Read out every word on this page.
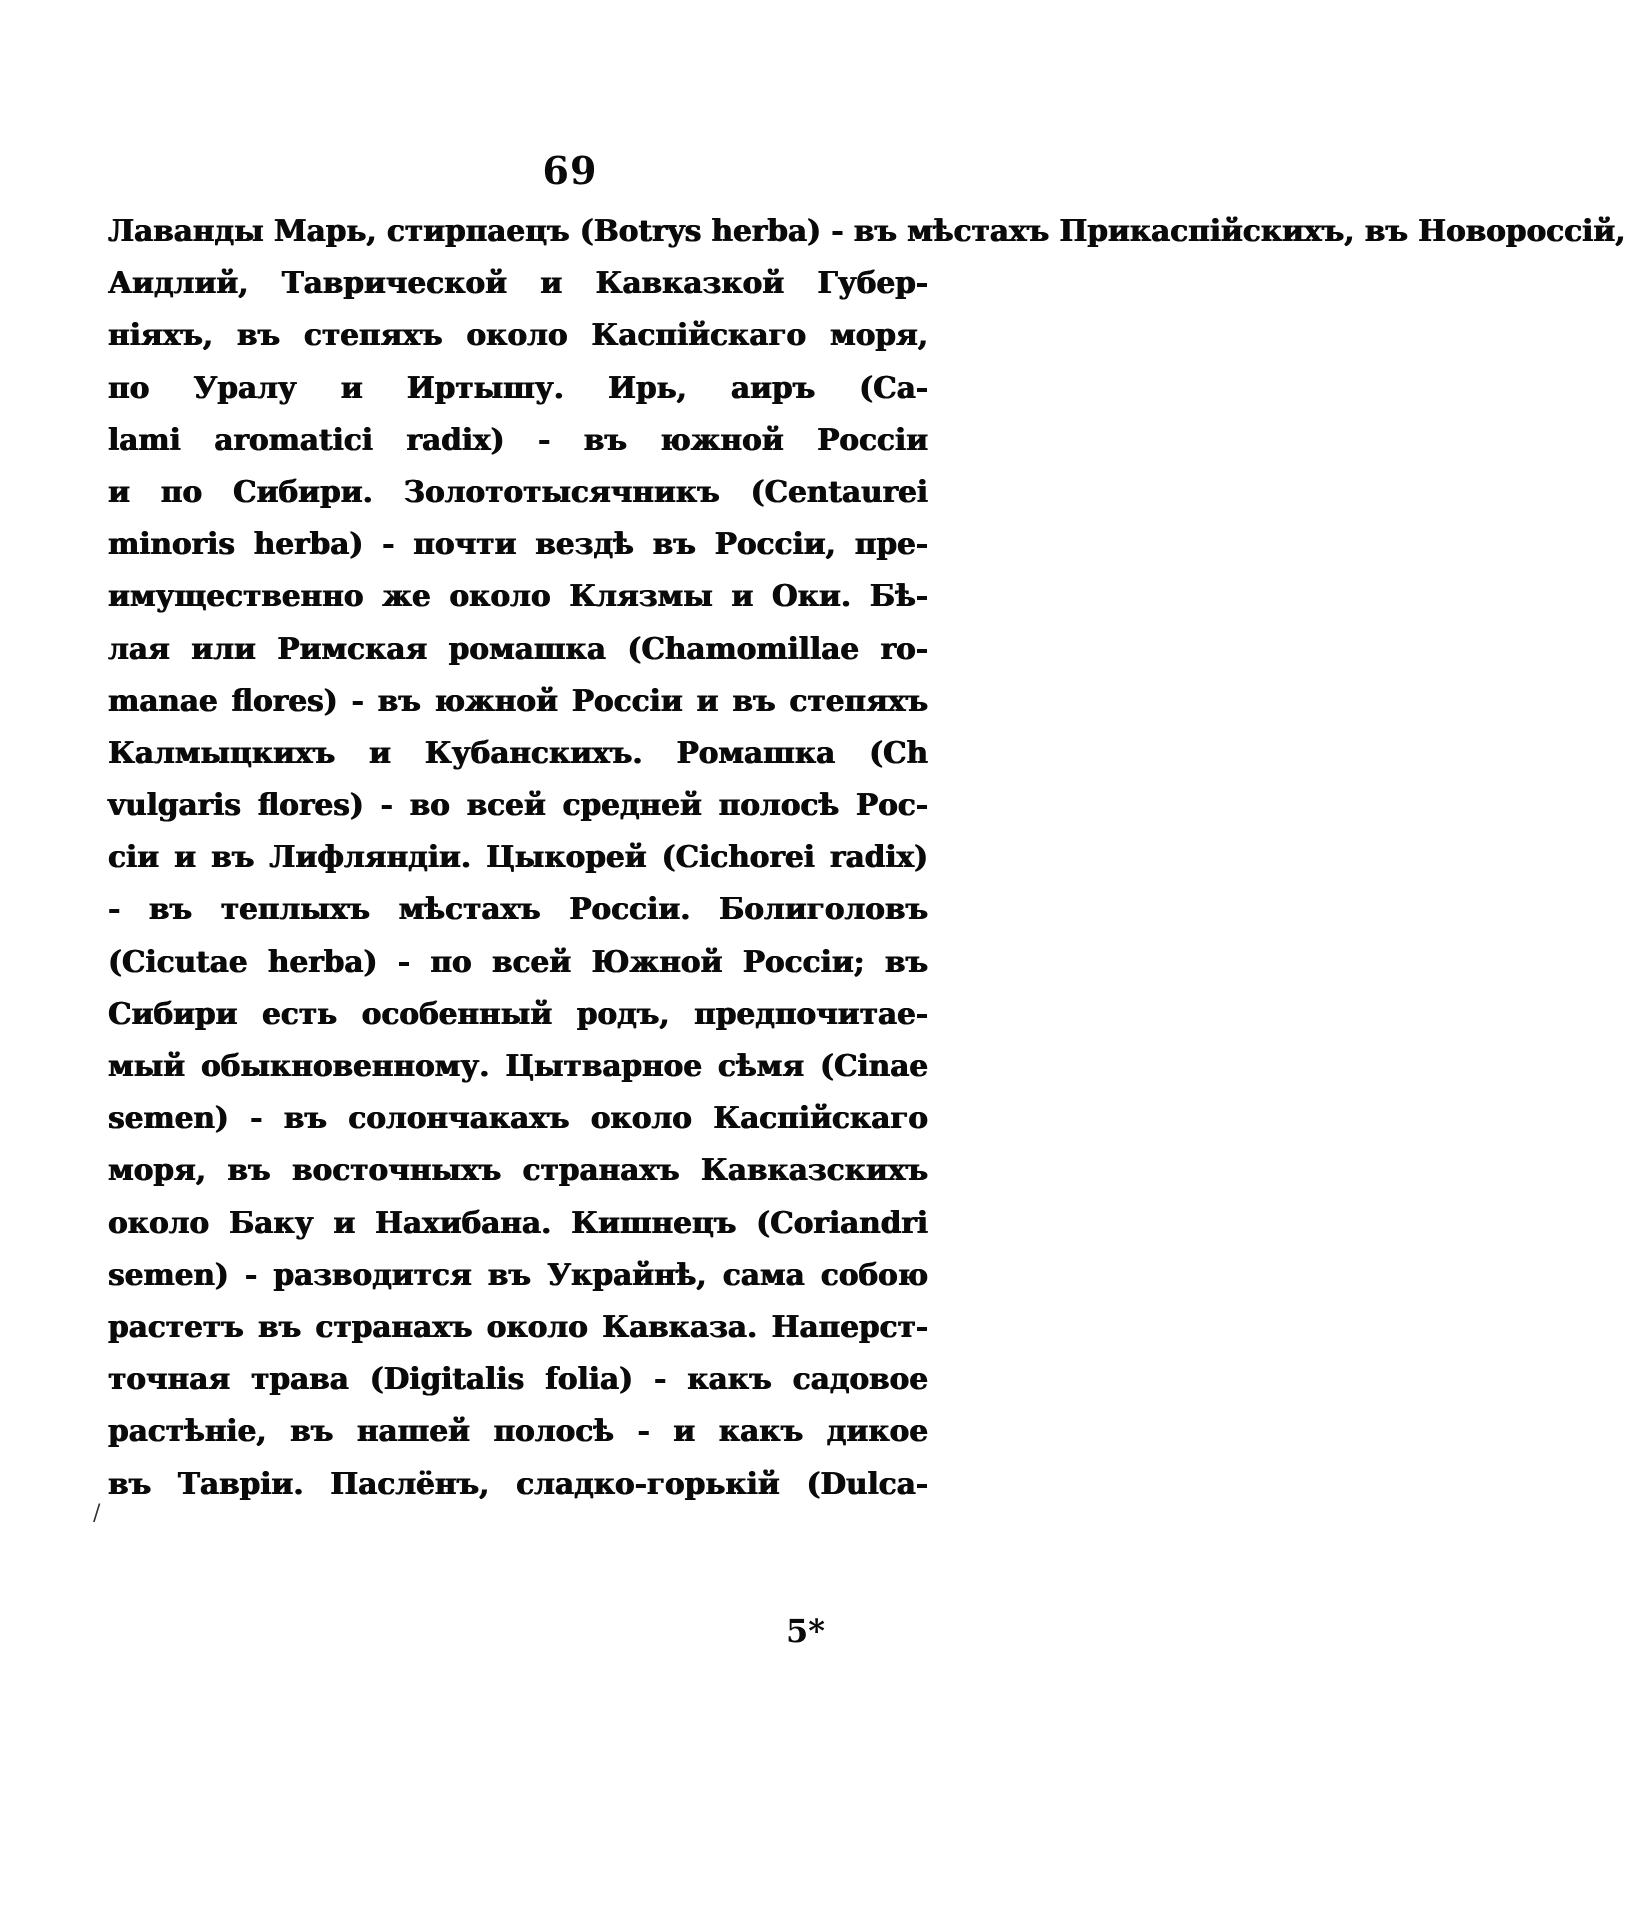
69
Лаванды Марь, стирпаецъ (Botrys herba) - въ мѣстахъ Прикаспійскихъ, въ Новороссій,
Аидлий, Таврической и Кавказкой Губер-
ніяхъ, въ степяхъ около Каспійскаго моря,
по Уралу и Иртышу. Ирь, аиръ (Ca-
lami aromatici radix) - въ южной Россіи
и по Сибири. Золототысячникъ (Centaurei
minoris herba) - почти вездѣ въ Россіи, пре-
имущественно же около Клязмы и Оки. Бѣ-
лая или Римская ромашка (Chamomillae ro-
manae flores) - въ южной Россіи и въ степяхъ
Калмыцкихъ и Кубанскихъ. Ромашка (Ch
vulgaris flores) - во всей средней полосѣ Рос-
сіи и въ Лифляндіи. Цыкорей (Cichorei radix)
- въ теплыхъ мѣстахъ Россіи. Болиголовъ
(Cicutae herba) - по всей Южной Россіи; въ
Сибири есть особенный родъ, предпочитае-
мый обыкновенному. Цытварное сѣмя (Cinae
semen) - въ солончакахъ около Каспійскаго
моря, въ восточныхъ странахъ Кавказскихъ
около Баку и Нахибана. Кишнецъ (Coriandri
semen) - разводится въ Украйнѣ, сама собою
растетъ въ странахъ около Кавказа. Наперст-
точная трава (Digitalis folia) - какъ садовое
растѣніе, въ нашей полосѣ - и какъ дикое
въ Тавріи. Паслёнъ, сладко-горькій (Dulca-
/
5*
